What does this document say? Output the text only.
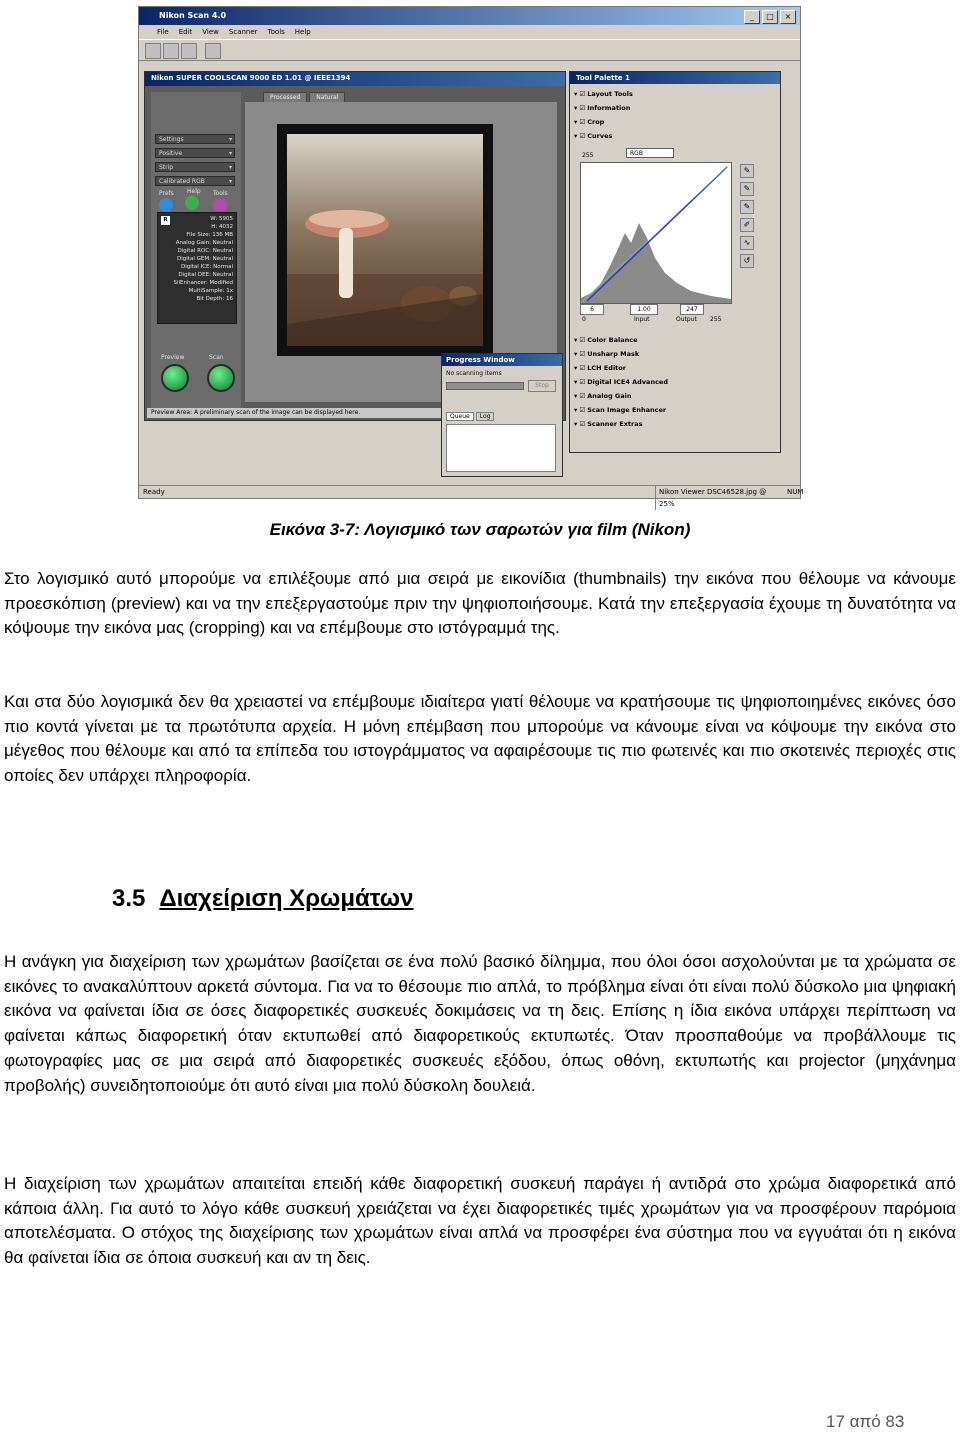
Nikon Scan 4.0	_	□	×
File Edit View Scanner Tools Help
Nikon SUPER COOLSCAN 9000 ED 1.01 @ IEEE1394
Settings ▾
Positive ▾
Strip ▾
Calibrated RGB ▾
Prefs Help Tools
R	W: 5905
H: 4032
File Size: 136 MB
Analog Gain: Neutral
Digital ROC: Neutral
Digital GEM: Neutral
Digital ICE: Normal
Digital DEE: Neutral
SilEnhancer: Modified
MultiSample: 1x
Bit Depth: 16
Preview	Scan
Processed	Natural
Preview Area: A preliminary scan of the image can be displayed here.
Tool Palette 1
▾ ☑ Layout Tools
▾ ☑ Information
▾ ☑ Crop
▾ ☑ Curves
RGB
255
✎
✎
✎
✐
∿
↺
6	1.00	247
Input	Output
0	255
▾ ☑ Color Balance
▾ ☑ Unsharp Mask
▾ ☑ LCH Editor
▾ ☑ Digital ICE4 Advanced
▾ ☑ Analog Gain
▾ ☑ Scan Image Enhancer
▾ ☑ Scanner Extras
Progress Window
No scanning items
Stop
Queue	Log
Ready	Nikon Viewer DSC46528.jpg @ 25%
NUM
Εικόνα 3-7: Λογισμικό των σαρωτών για film (Nikon)

Στο λογισμικό αυτό μπορούμε να επιλέξουμε από μια σειρά με εικονίδια (thumbnails) την εικόνα που θέλουμε να κάνουμε προεσκόπιση (preview) και να την επεξεργαστούμε πριν την ψηφιοποιήσουμε. Κατά την επεξεργασία έχουμε τη δυνατότητα να κόψουμε την εικόνα μας (cropping) και να επέμβουμε στο ιστόγραμμά της.

Και στα δύο λογισμικά δεν θα χρειαστεί να επέμβουμε ιδιαίτερα γιατί θέλουμε να κρατήσουμε τις ψηφιοποιημένες εικόνες όσο πιο κοντά γίνεται με τα πρωτότυπα αρχεία. Η μόνη επέμβαση που μπορούμε να κάνουμε είναι να κόψουμε την εικόνα στο μέγεθος που θέλουμε και από τα επίπεδα του ιστογράμματος να αφαιρέσουμε τις πιο φωτεινές και πιο σκοτεινές περιοχές στις οποίες δεν υπάρχει πληροφορία.

3.5 Διαχείριση Χρωμάτων

Η ανάγκη για διαχείριση των χρωμάτων βασίζεται σε ένα πολύ βασικό δίλημμα, που όλοι όσοι ασχολούνται με τα χρώματα σε εικόνες το ανακαλύπτουν αρκετά σύντομα. Για να το θέσουμε πιο απλά, το πρόβλημα είναι ότι είναι πολύ δύσκολο μια ψηφιακή εικόνα να φαίνεται ίδια σε όσες διαφορετικές συσκευές δοκιμάσεις να τη δεις. Επίσης η ίδια εικόνα υπάρχει περίπτωση να φαίνεται κάπως διαφορετική όταν εκτυπωθεί από διαφορετικούς εκτυπωτές. Όταν προσπαθούμε να προβάλλουμε τις φωτογραφίες μας σε μια σειρά από διαφορετικές συσκευές εξόδου, όπως οθόνη, εκτυπωτής και projector (μηχάνημα προβολής) συνειδητοποιούμε ότι αυτό είναι μια πολύ δύσκολη δουλειά.

Η διαχείριση των χρωμάτων απαιτείται επειδή κάθε διαφορετική συσκευή παράγει ή αντιδρά στο χρώμα διαφορετικά από κάποια άλλη. Για αυτό το λόγο κάθε συσκευή χρειάζεται να έχει διαφορετικές τιμές χρωμάτων για να προσφέρουν παρόμοια αποτελέσματα. Ο στόχος της διαχείρισης των χρωμάτων είναι απλά να προσφέρει ένα σύστημα που να εγγυάται ότι η εικόνα θα φαίνεται ίδια σε όποια συσκευή και αν τη δεις.

17 από 83
